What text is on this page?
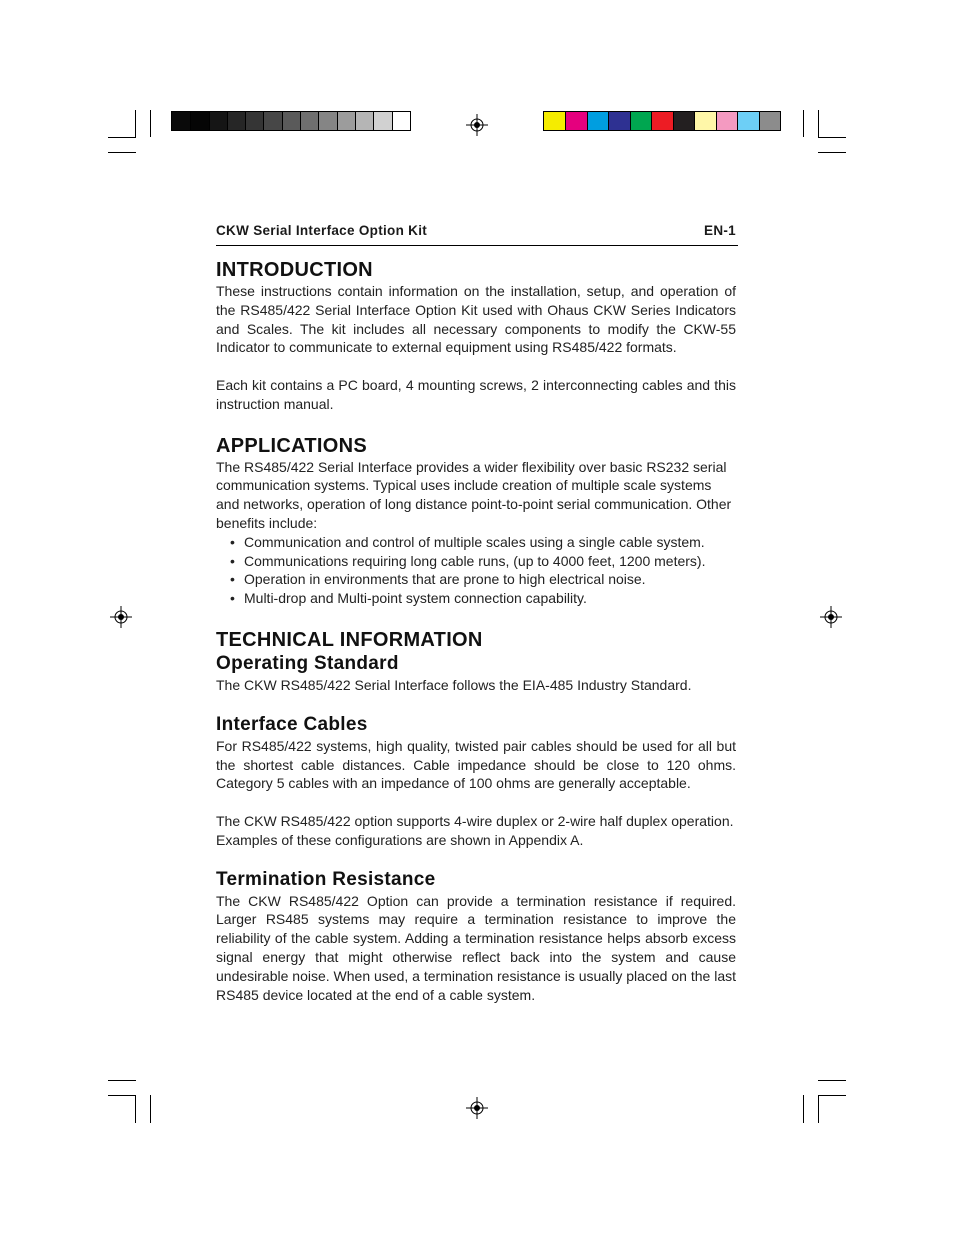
CKW Serial Interface Option Kit	EN-1
INTRODUCTION

These instructions contain information on the installation, setup, and operation of the RS485/422 Serial Interface Option Kit used with Ohaus CKW Series Indicators and Scales. The kit includes all necessary components to modify the CKW-55 Indicator to communicate to external equipment using RS485/422 formats.

Each kit contains a PC board, 4 mounting screws, 2 interconnecting cables and this instruction manual.

APPLICATIONS

The RS485/422 Serial Interface provides a wider flexibility over basic RS232 serial communication systems. Typical uses include creation of multiple scale systems and networks, operation of long distance point-to-point serial communication. Other benefits include:

• Communication and control of multiple scales using a single cable system.
• Communications requiring long cable runs, (up to 4000 feet, 1200 meters).
• Operation in environments that are prone to high electrical noise.
• Multi-drop and Multi-point system connection capability.
TECHNICAL INFORMATION
Operating Standard

The CKW RS485/422 Serial Interface follows the EIA-485 Industry Standard.

Interface Cables

For RS485/422 systems, high quality, twisted pair cables should be used for all but the shortest cable distances. Cable impedance should be close to 120 ohms. Category 5 cables with an impedance of 100 ohms are generally acceptable.

The CKW RS485/422 option supports 4-wire duplex or 2-wire half duplex operation. Examples of these configurations are shown in Appendix A.

Termination Resistance

The CKW RS485/422 Option can provide a termination resistance if required. Larger RS485 systems may require a termination resistance to improve the reliability of the cable system. Adding a termination resistance helps absorb excess signal energy that might otherwise reflect back into the system and cause undesirable noise. When used, a termination resistance is usually placed on the last RS485 device located at the end of a cable system.
